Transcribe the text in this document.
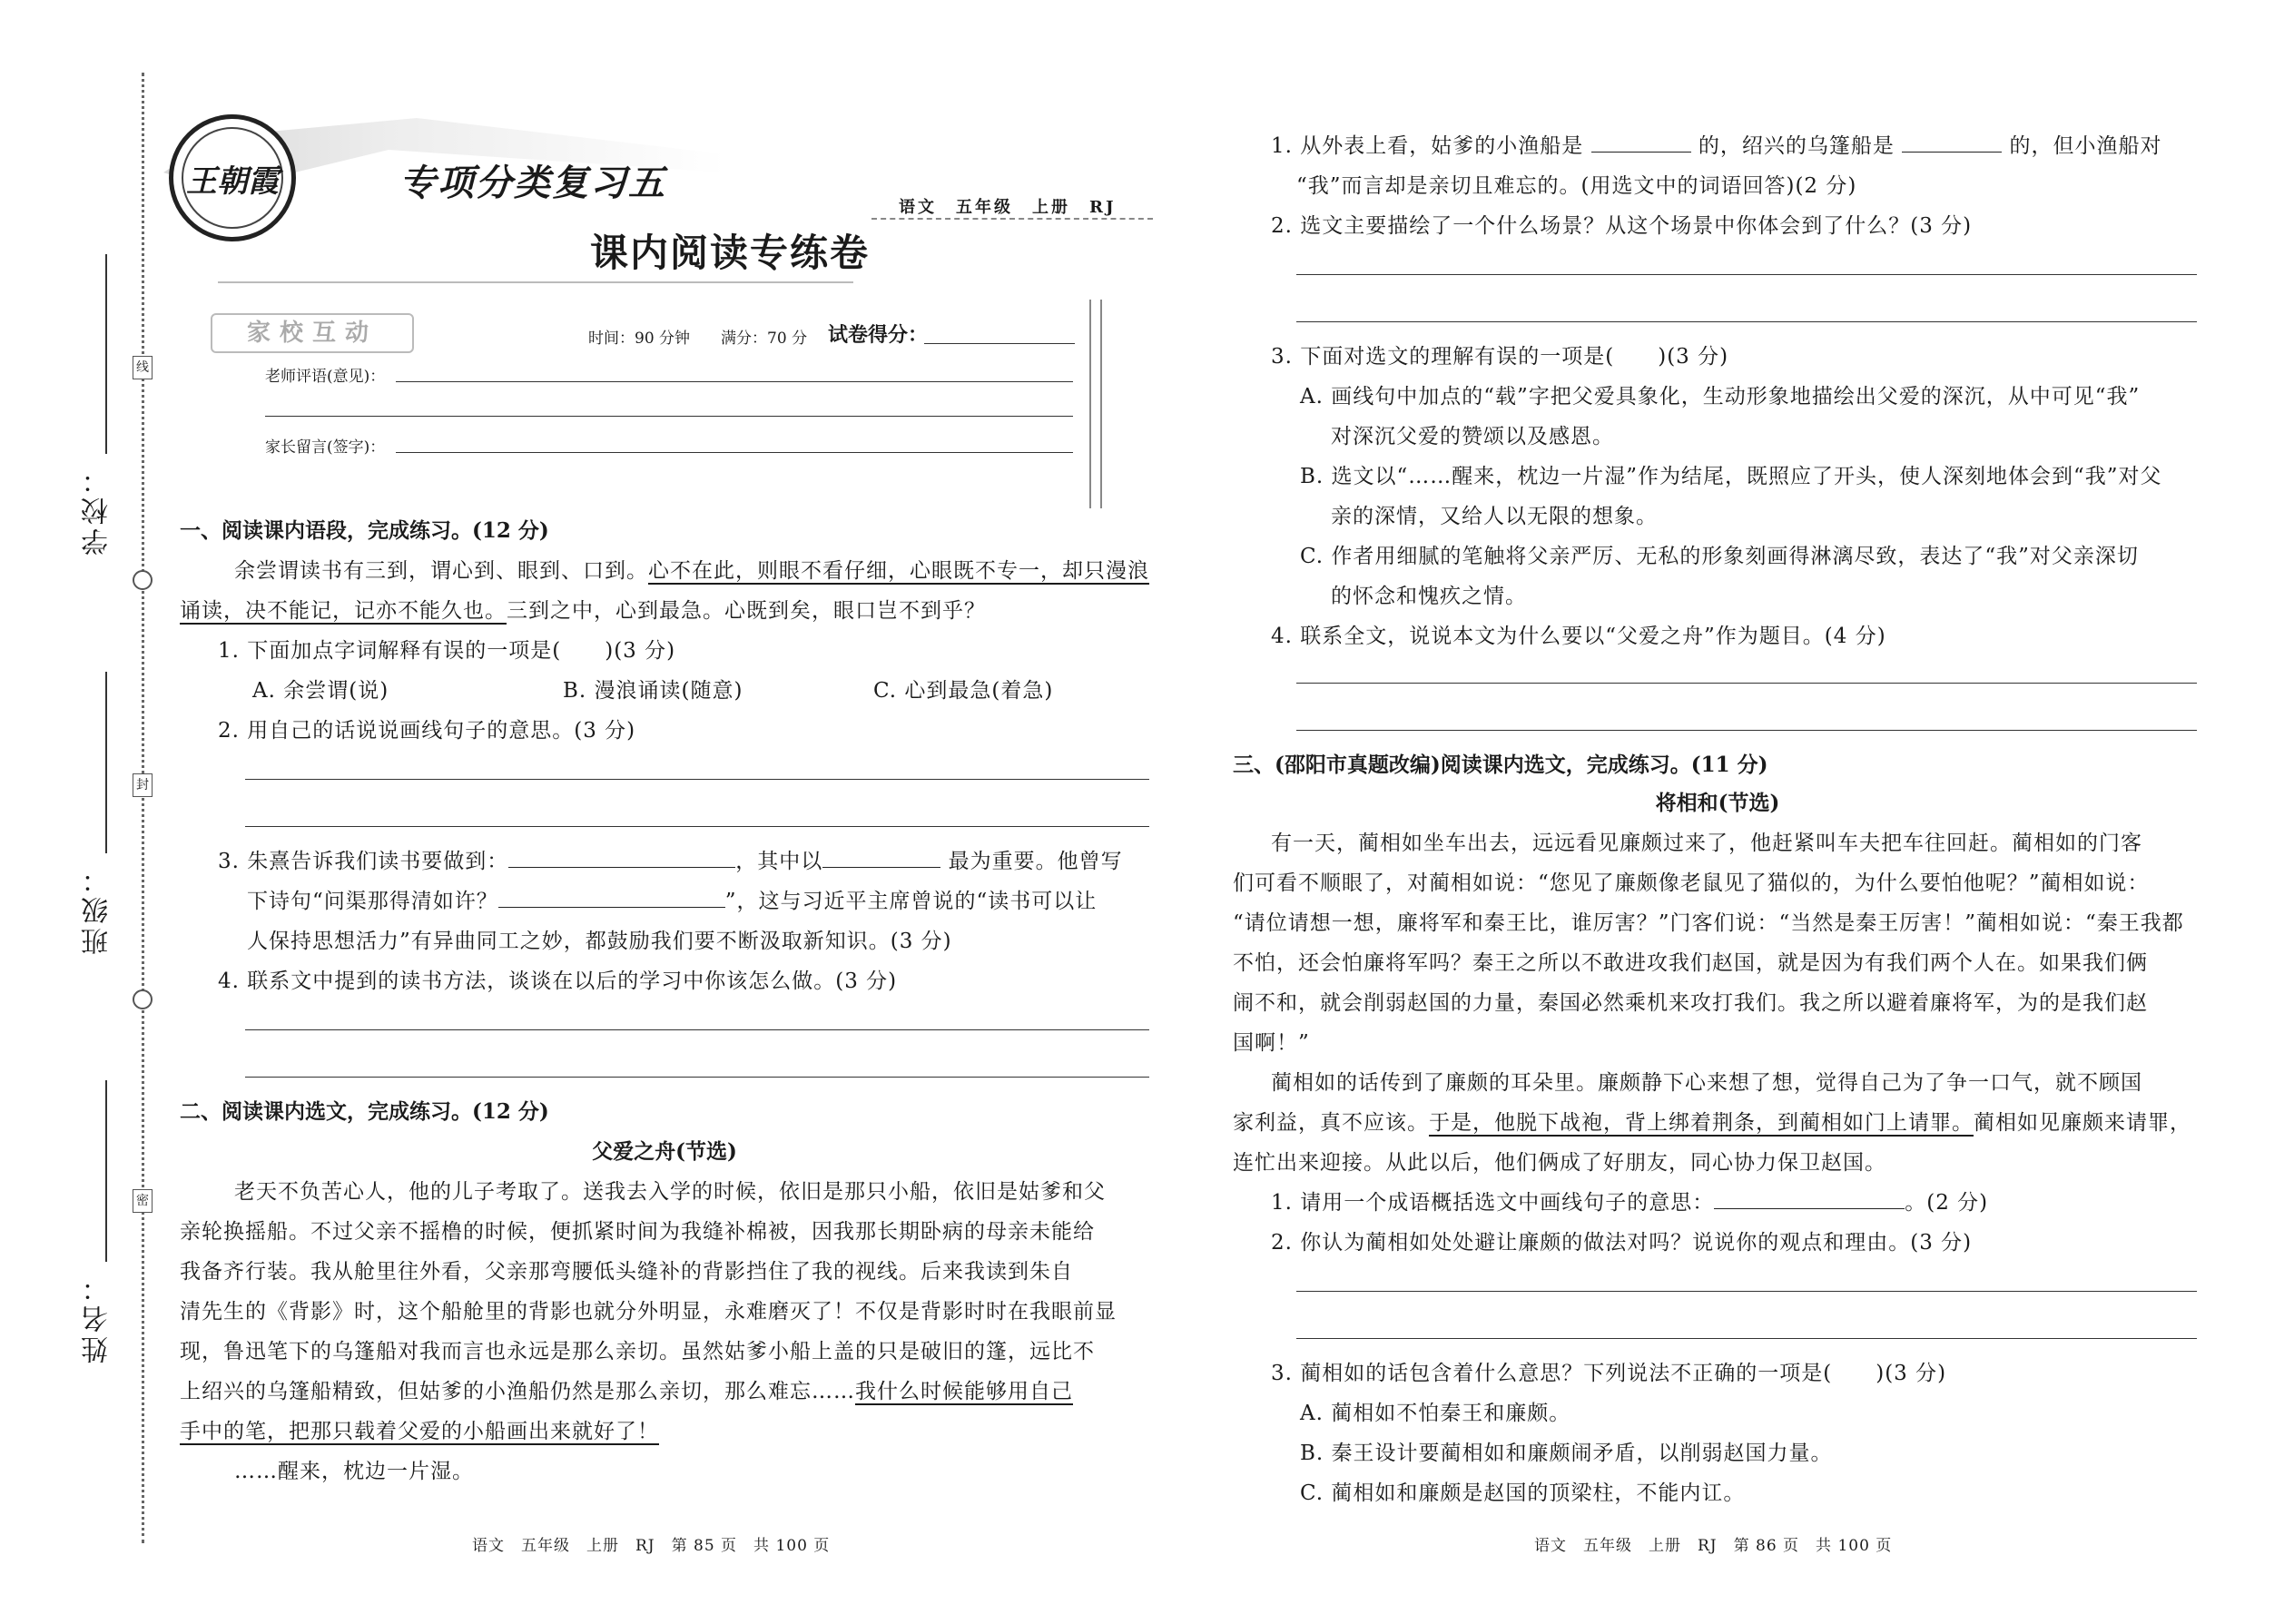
学校：
班级：
姓名：
线
封
密
王朝霞	专项分类复习五
语文　五年级　上册　RJ
课内阅读专练卷
家校互动	时间：90 分钟　　满分：70 分 试卷得分：
老师评语(意见)：
家长留言(签字)：
一、阅读课内语段，完成练习。(12 分)
余尝谓读书有三到，谓心到、眼到、口到。心不在此，则眼不看仔细，心眼既不专一，却只漫浪
诵读，决不能记，记亦不能久也。三到之中，心到最急。心既到矣，眼口岂不到乎？
1. 下面加点字词解释有误的一项是(　　)(3 分)
A. 余尝谓(说)	B. 漫浪诵读(随意)	C. 心到最急(着急)
2. 用自己的话说说画线句子的意思。(3 分)
3. 朱熹告诉我们读书要做到：	，其中以	最为重要。他曾写
下诗句“问渠那得清如许？	”，这与习近平主席曾说的“读书可以让
人保持思想活力”有异曲同工之妙，都鼓励我们要不断汲取新知识。(3 分)
4. 联系文中提到的读书方法，谈谈在以后的学习中你该怎么做。(3 分)
二、阅读课内选文，完成练习。(12 分)
父爱之舟(节选)
老天不负苦心人，他的儿子考取了。送我去入学的时候，依旧是那只小船，依旧是姑爹和父
亲轮换摇船。不过父亲不摇橹的时候，便抓紧时间为我缝补棉被，因我那长期卧病的母亲未能给
我备齐行装。我从舱里往外看，父亲那弯腰低头缝补的背影挡住了我的视线。后来我读到朱自
清先生的《背影》时，这个船舱里的背影也就分外明显，永难磨灭了！不仅是背影时时在我眼前显
现，鲁迅笔下的乌篷船对我而言也永远是那么亲切。虽然姑爹小船上盖的只是破旧的篷，远比不
上绍兴的乌篷船精致，但姑爹的小渔船仍然是那么亲切，那么难忘……我什么时候能够用自己
手中的笔，把那只载着父爱的小船画出来就好了！
……醒来，枕边一片湿。
语文　五年级　上册　RJ　第 85 页　共 100 页
1. 从外表上看，姑爹的小渔船是	的，绍兴的乌篷船是	的，但小渔船对
“我”而言却是亲切且难忘的。(用选文中的词语回答)(2 分)
2. 选文主要描绘了一个什么场景？从这个场景中你体会到了什么？(3 分)
3. 下面对选文的理解有误的一项是(　　)(3 分)
A. 画线句中加点的“载”字把父爱具象化，生动形象地描绘出父爱的深沉，从中可见“我”
对深沉父爱的赞颂以及感恩。
B. 选文以“……醒来，枕边一片湿”作为结尾，既照应了开头，使人深刻地体会到“我”对父
亲的深情，又给人以无限的想象。
C. 作者用细腻的笔触将父亲严厉、无私的形象刻画得淋漓尽致，表达了“我”对父亲深切
的怀念和愧疚之情。
4. 联系全文，说说本文为什么要以“父爱之舟”作为题目。(4 分)
三、(邵阳市真题改编)阅读课内选文，完成练习。(11 分)
将相和(节选)
有一天，蔺相如坐车出去，远远看见廉颇过来了，他赶紧叫车夫把车往回赶。蔺相如的门客
们可看不顺眼了，对蔺相如说：“您见了廉颇像老鼠见了猫似的，为什么要怕他呢？”蔺相如说：
“请位请想一想，廉将军和秦王比，谁厉害？”门客们说：“当然是秦王厉害！”蔺相如说：“秦王我都
不怕，还会怕廉将军吗？秦王之所以不敢进攻我们赵国，就是因为有我们两个人在。如果我们俩
闹不和，就会削弱赵国的力量，秦国必然乘机来攻打我们。我之所以避着廉将军，为的是我们赵
国啊！”
蔺相如的话传到了廉颇的耳朵里。廉颇静下心来想了想，觉得自己为了争一口气，就不顾国
家利益，真不应该。于是，他脱下战袍，背上绑着荆条，到蔺相如门上请罪。蔺相如见廉颇来请罪，
连忙出来迎接。从此以后，他们俩成了好朋友，同心协力保卫赵国。
1. 请用一个成语概括选文中画线句子的意思：	。(2 分)
2. 你认为蔺相如处处避让廉颇的做法对吗？说说你的观点和理由。(3 分)
3. 蔺相如的话包含着什么意思？下列说法不正确的一项是(　　)(3 分)
A. 蔺相如不怕秦王和廉颇。
B. 秦王设计要蔺相如和廉颇闹矛盾，以削弱赵国力量。
C. 蔺相如和廉颇是赵国的顶梁柱，不能内讧。
语文　五年级　上册　RJ　第 86 页　共 100 页
